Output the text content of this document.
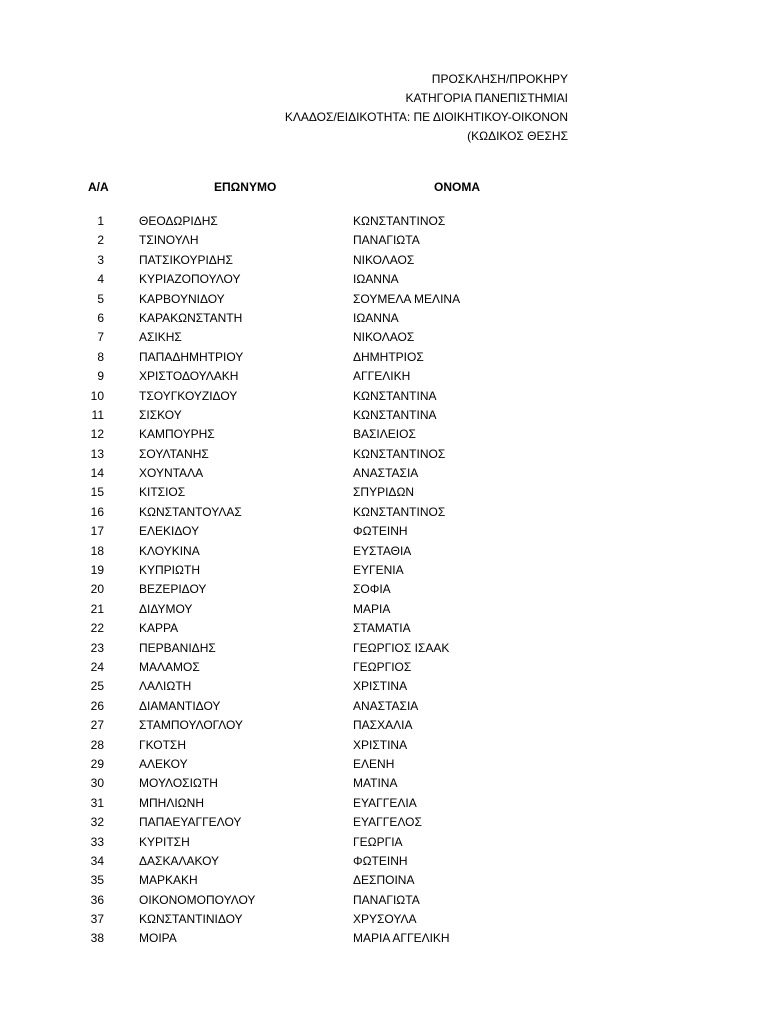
ΠΡΟΣΚΛΗΣΗ/ΠΡΟΚΗΡΥ
ΚΑΤΗΓΟΡΙΑ ΠΑΝΕΠΙΣΤΗΜΙΑΙ
ΚΛΑΔΟΣ/ΕΙΔΙΚΟΤΗΤΑ: ΠΕ ΔΙΟΙΚΗΤΙΚΟΥ-ΟΙΚΟΝΟΝ
(ΚΩΔΙΚΟΣ ΘΕΣΗΣ
Α/Α	ΕΠΩΝΥΜΟ	ΟΝΟΜΑ
1	ΘΕΟΔΩΡΙΔΗΣ	ΚΩΝΣΤΑΝΤΙΝΟΣ
2	ΤΣΙΝΟΥΛΗ	ΠΑΝΑΓΙΩΤΑ
3	ΠΑΤΣΙΚΟΥΡΙΔΗΣ	ΝΙΚΟΛΑΟΣ
4	ΚΥΡΙΑΖΟΠΟΥΛΟΥ	ΙΩΑΝΝΑ
5	ΚΑΡΒΟΥΝΙΔΟΥ	ΣΟΥΜΕΛΑ ΜΕΛΙΝΑ
6	ΚΑΡΑΚΩΝΣΤΑΝΤΗ	ΙΩΑΝΝΑ
7	ΑΣΙΚΗΣ	ΝΙΚΟΛΑΟΣ
8	ΠΑΠΑΔΗΜΗΤΡΙΟΥ	ΔΗΜΗΤΡΙΟΣ
9	ΧΡΙΣΤΟΔΟΥΛΑΚΗ	ΑΓΓΕΛΙΚΗ
10	ΤΣΟΥΓΚΟΥΖΙΔΟΥ	ΚΩΝΣΤΑΝΤΙΝΑ
11	ΣΙΣΚΟΥ	ΚΩΝΣΤΑΝΤΙΝΑ
12	ΚΑΜΠΟΥΡΗΣ	ΒΑΣΙΛΕΙΟΣ
13	ΣΟΥΛΤΑΝΗΣ	ΚΩΝΣΤΑΝΤΙΝΟΣ
14	ΧΟΥΝΤΑΛΑ	ΑΝΑΣΤΑΣΙΑ
15	ΚΙΤΣΙΟΣ	ΣΠΥΡΙΔΩΝ
16	ΚΩΝΣΤΑΝΤΟΥΛΑΣ	ΚΩΝΣΤΑΝΤΙΝΟΣ
17	ΕΛΕΚΙΔΟΥ	ΦΩΤΕΙΝΗ
18	ΚΛΟΥΚΙΝΑ	ΕΥΣΤΑΘΙΑ
19	ΚΥΠΡΙΩΤΗ	ΕΥΓΕΝΙΑ
20	ΒΕΖΕΡΙΔΟΥ	ΣΟΦΙΑ
21	ΔΙΔΥΜΟΥ	ΜΑΡΙΑ
22	ΚΑΡΡΑ	ΣΤΑΜΑΤΙΑ
23	ΠΕΡΒΑΝΙΔΗΣ	ΓΕΩΡΓΙΟΣ ΙΣΑΑΚ
24	ΜΑΛΑΜΟΣ	ΓΕΩΡΓΙΟΣ
25	ΛΑΛΙΩΤΗ	ΧΡΙΣΤΙΝΑ
26	ΔΙΑΜΑΝΤΙΔΟΥ	ΑΝΑΣΤΑΣΙΑ
27	ΣΤΑΜΠΟΥΛΟΓΛΟΥ	ΠΑΣΧΑΛΙΑ
28	ΓΚΟΤΣΗ	ΧΡΙΣΤΙΝΑ
29	ΑΛΕΚΟΥ	ΕΛΕΝΗ
30	ΜΟΥΛΟΣΙΩΤΗ	ΜΑΤΙΝΑ
31	ΜΠΗΛΙΩΝΗ	ΕΥΑΓΓΕΛΙΑ
32	ΠΑΠΑΕΥΑΓΓΕΛΟΥ	ΕΥΑΓΓΕΛΟΣ
33	ΚΥΡΙΤΣΗ	ΓΕΩΡΓΙΑ
34	ΔΑΣΚΑΛΑΚΟΥ	ΦΩΤΕΙΝΗ
35	ΜΑΡΚΑΚΗ	ΔΕΣΠΟΙΝΑ
36	ΟΙΚΟΝΟΜΟΠΟΥΛΟΥ	ΠΑΝΑΓΙΩΤΑ
37	ΚΩΝΣΤΑΝΤΙΝΙΔΟΥ	ΧΡΥΣΟΥΛΑ
38	ΜΟΙΡΑ	ΜΑΡΙΑ ΑΓΓΕΛΙΚΗ
